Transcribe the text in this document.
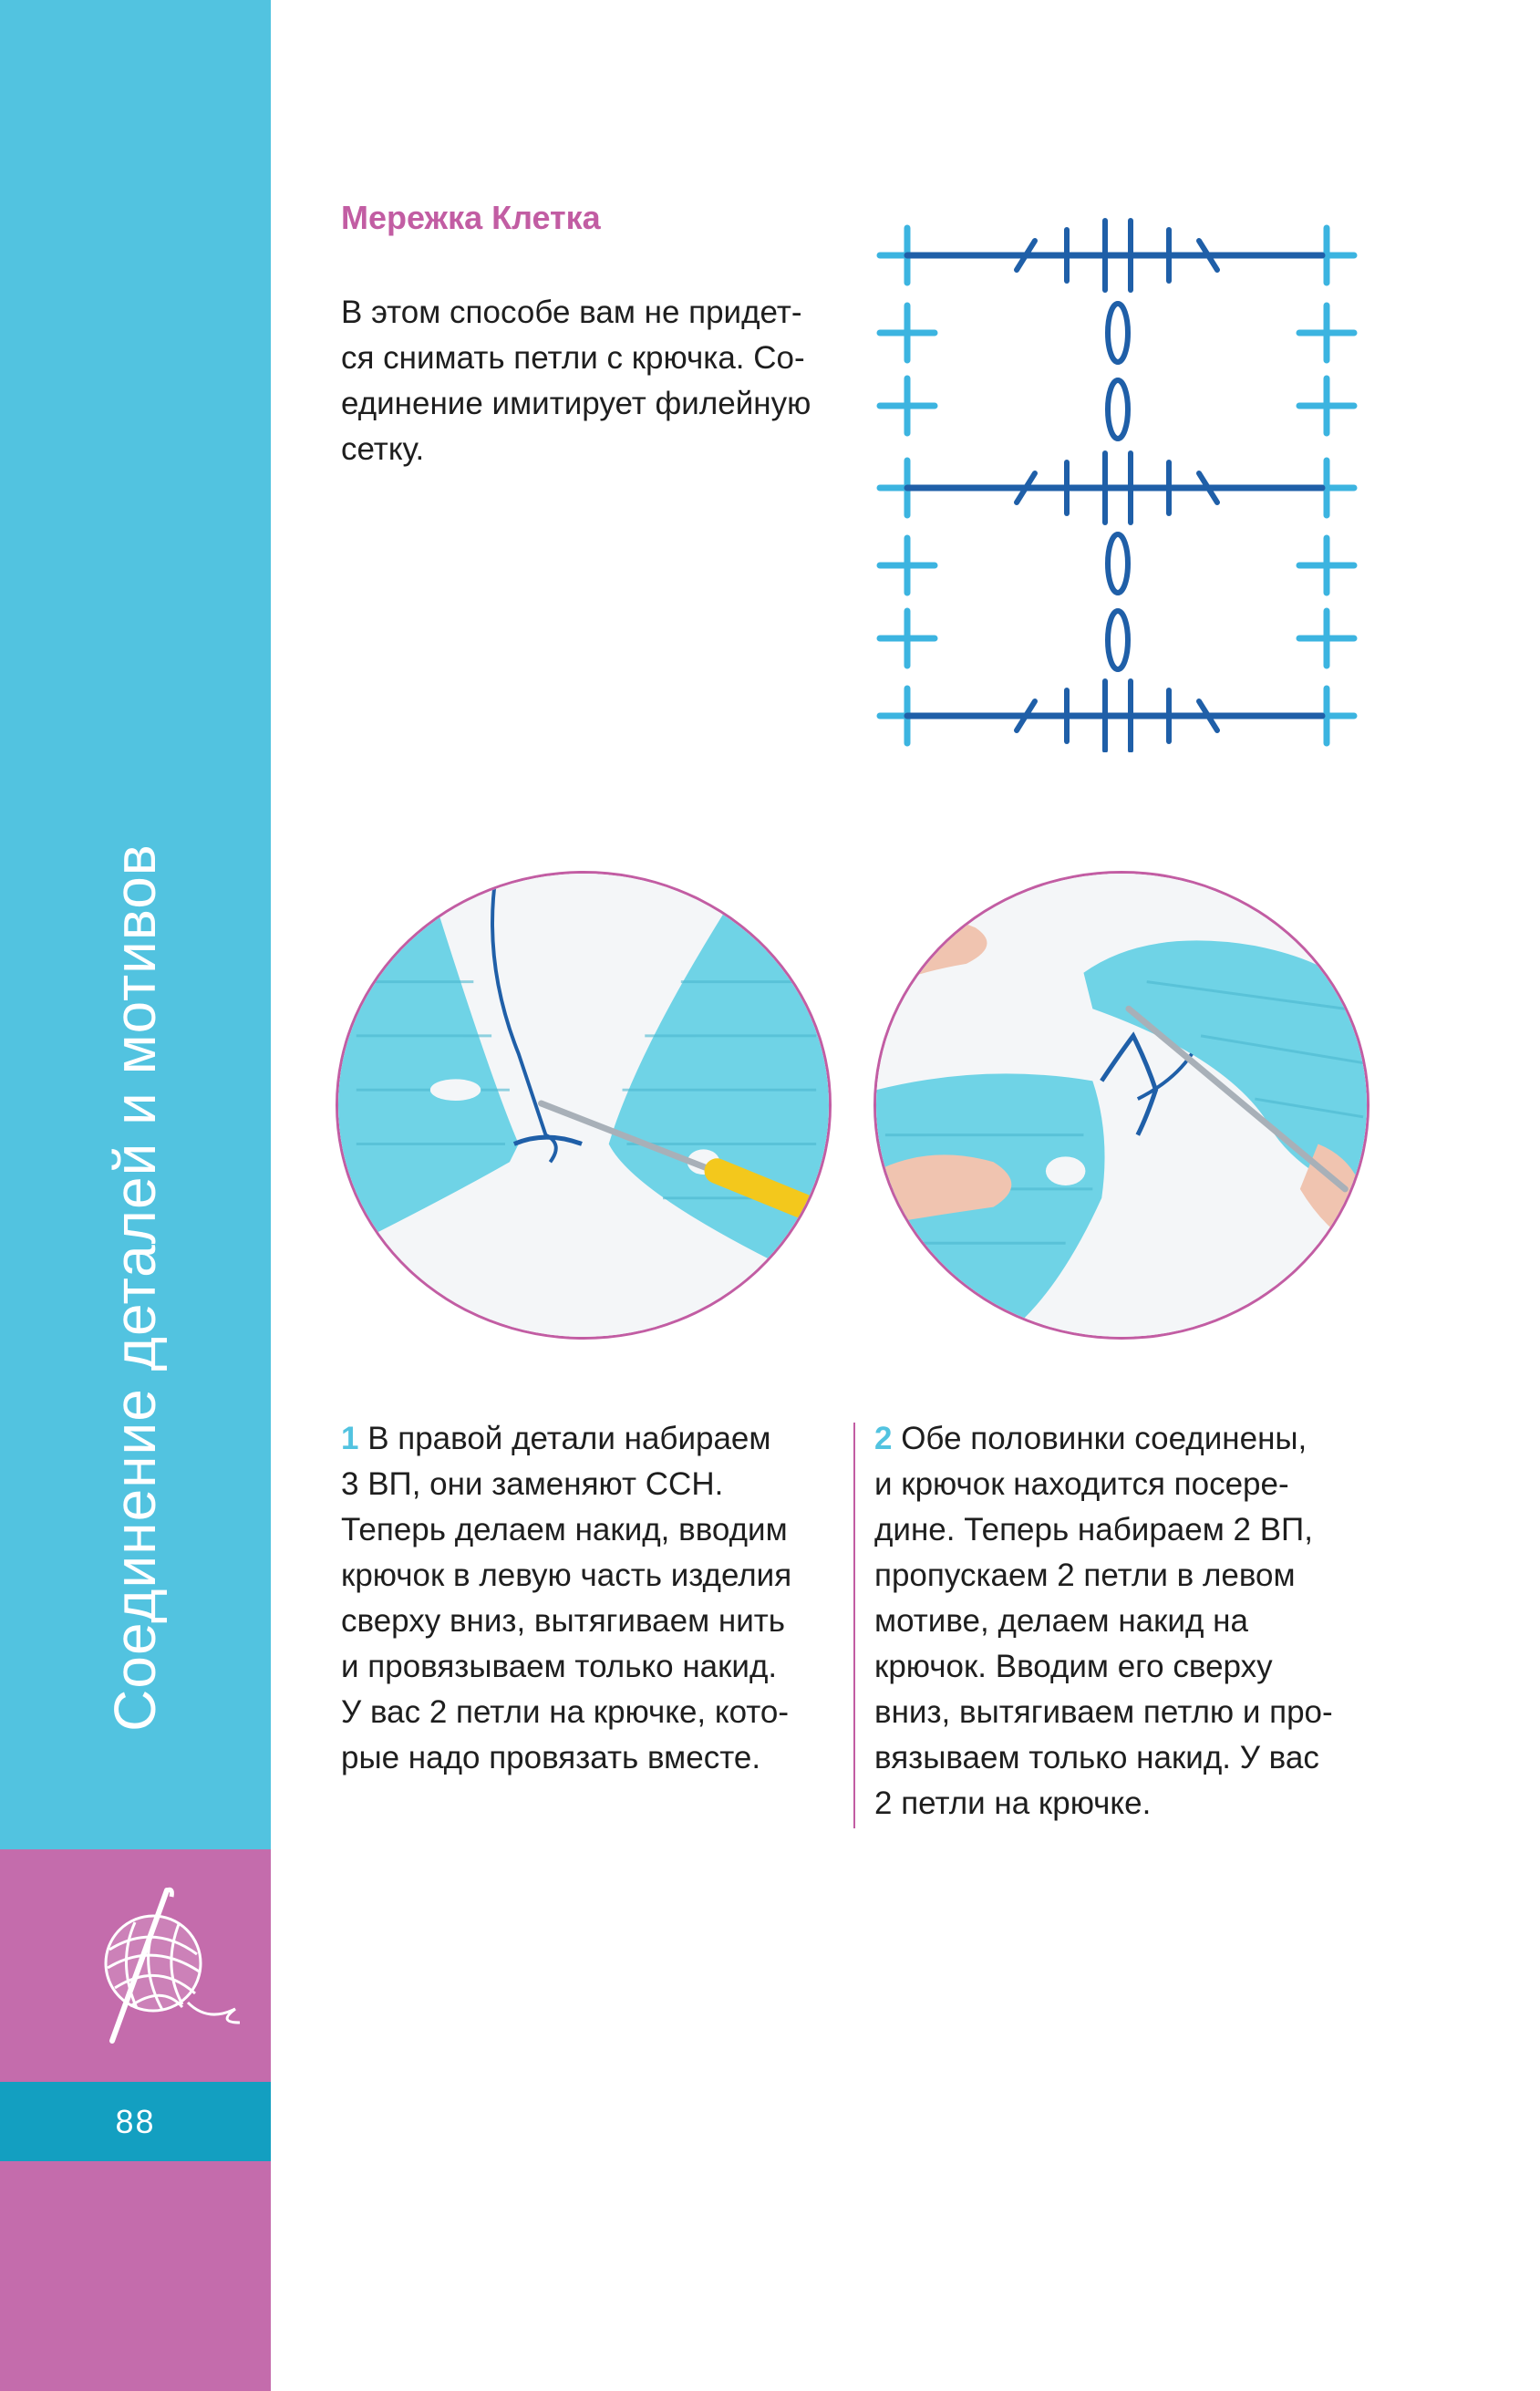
Соединение деталей и мотивов
88
Мережка Клетка

В этом способе вам не придет-
ся снимать петли с крючка. Со-
единение имитирует филейную
сетку.

1 В правой детали набираем
3 ВП, они заменяют ССН.
Теперь делаем накид, вводим
крючок в левую часть изделия
сверху вниз, вытягиваем нить
и провязываем только накид.
У вас 2 петли на крючке, кото-
рые надо провязать вместе.

2 Обе половинки соединены,
и крючок находится посере-
дине. Теперь набираем 2 ВП,
пропускаем 2 петли в левом
мотиве, делаем накид на
крючок. Вводим его сверху
вниз, вытягиваем петлю и про-
вязываем только накид. У вас
2 петли на крючке.
